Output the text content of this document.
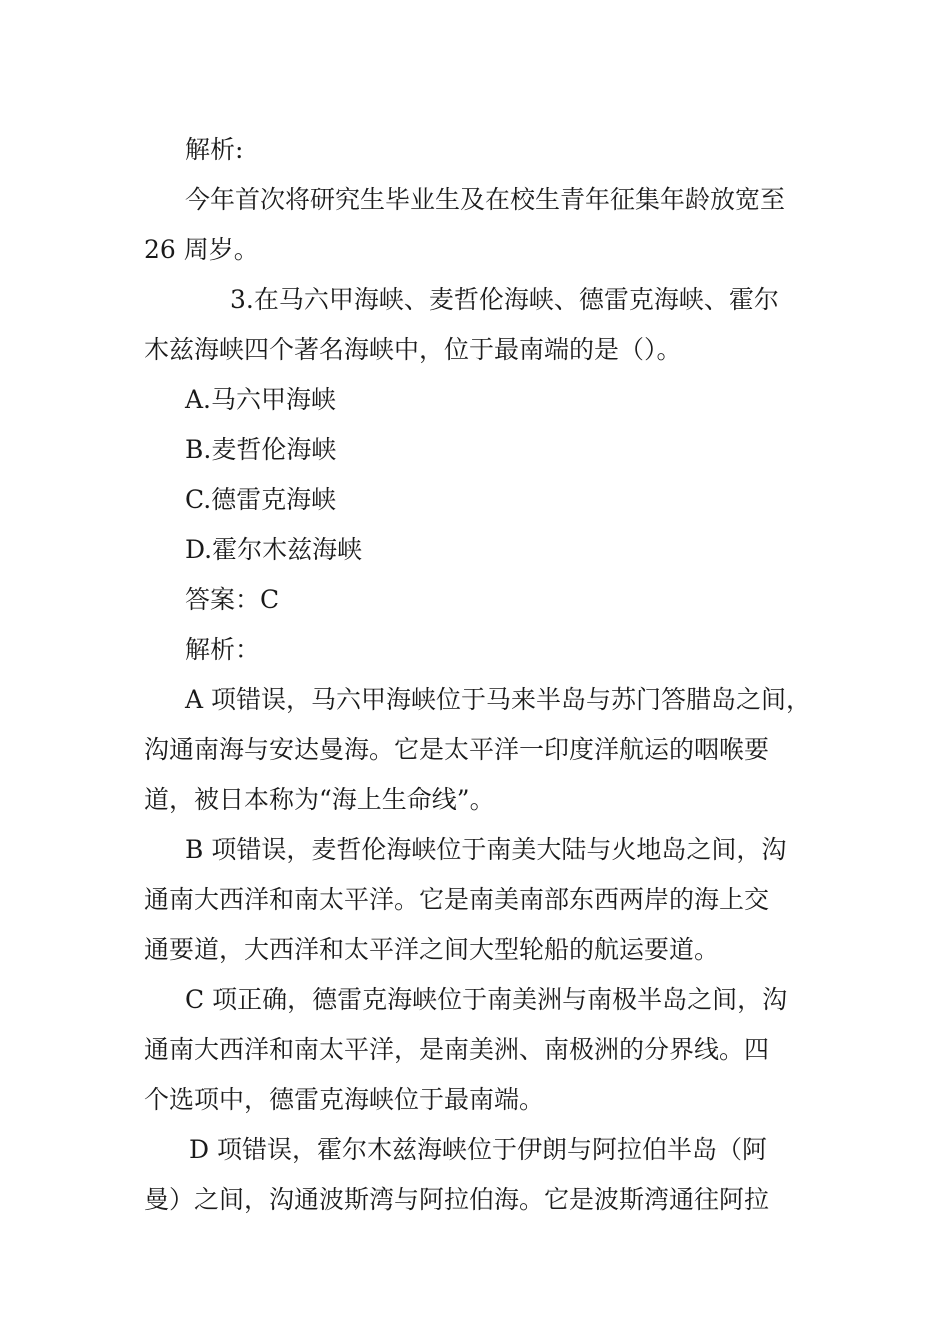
解析:

今年首次将研究生毕业生及在校生青年征集年龄放宽至

26 周岁。

3.在马六甲海峡、麦哲伦海峡、德雷克海峡、霍尔

木兹海峡四个著名海峡中，位于最南端的是（）。

A.马六甲海峡

B.麦哲伦海峡

C.德雷克海峡

D.霍尔木兹海峡

答案：C

解析：

A 项错误，马六甲海峡位于马来半岛与苏门答腊岛之间，

沟通南海与安达曼海。它是太平洋一印度洋航运的咽喉要

道，被日本称为“海上生命线”。

B 项错误，麦哲伦海峡位于南美大陆与火地岛之间，沟

通南大西洋和南太平洋。它是南美南部东西两岸的海上交

通要道，大西洋和太平洋之间大型轮船的航运要道。

C 项正确，德雷克海峡位于南美洲与南极半岛之间，沟

通南大西洋和南太平洋，是南美洲、南极洲的分界线。四

个选项中，德雷克海峡位于最南端。

D 项错误，霍尔木兹海峡位于伊朗与阿拉伯半岛（阿

曼）之间，沟通波斯湾与阿拉伯海。它是波斯湾通往阿拉
